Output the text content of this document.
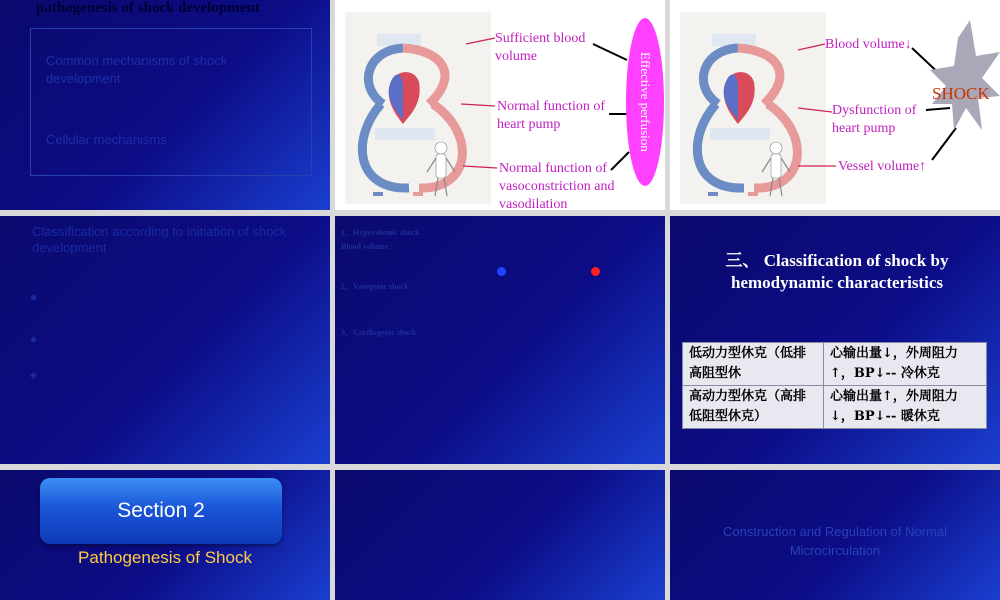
pathogenesis of shock development
Common mechanisms of shock development
Cellular mechanisms
Sufficient blood volume
Normal function of heart pump
Normal function of vasoconstriction and vasodilation
Effective perfusion
Blood volume↓
Dysfunction of heart pump
Vessel volume↑
SHOCK
Classification according to initiation of shock development
◆
◆
◆
1、Hypovolemic shock
Blood volume ↓
2、Vasogenic shock
3、Cardiogenic shock
三、 Classification of shock by hemodynamic characteristics
低动力型休克（低排高阻型休	心输出量↓，外周阻力↑，BP↓-- 冷休克
高动力型休克（高排低阻型休克）	心输出量↑，外周阻力↓，BP↓-- 暖休克
Section 2
Pathogenesis of Shock
Construction and Regulation of Normal Microcirculation
